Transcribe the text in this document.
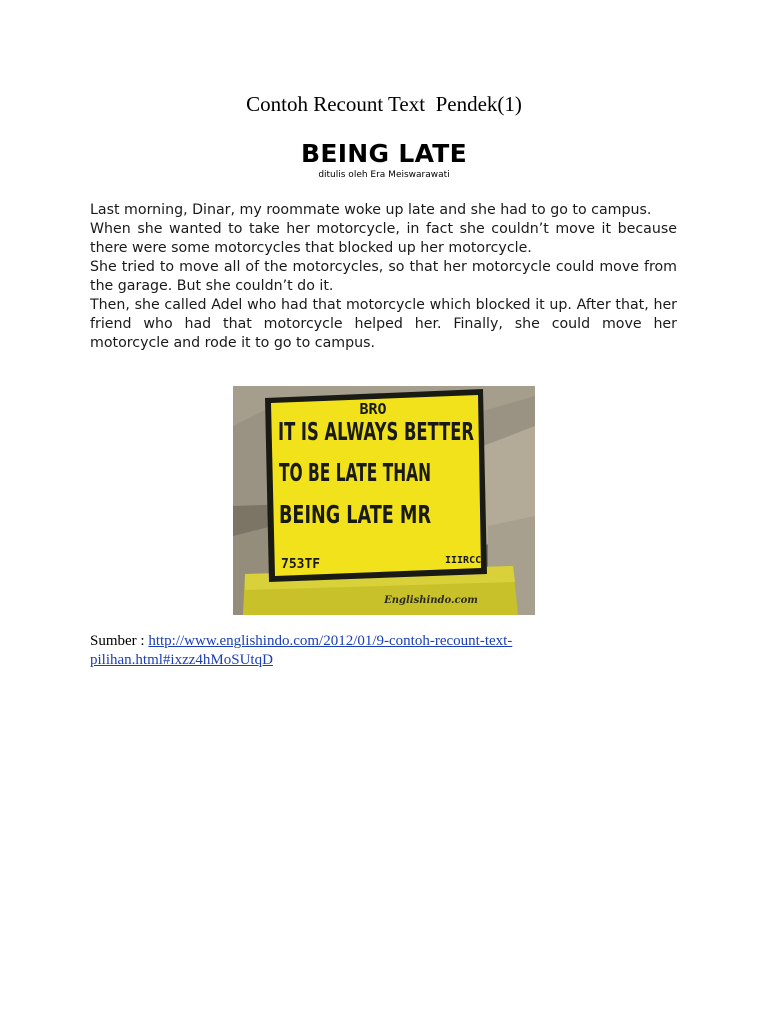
Contoh Recount Text  Pendek(1)
BEING LATE
ditulis oleh Era Meiswarawati

Last morning, Dinar, my roommate woke up late and she had to go to campus.

When she wanted to take her motorcycle, in fact she couldn’t move it because there were some motorcycles that blocked up her motorcycle.

She tried to move all of the motorcycles, so that her motorcycle could move from the garage. But she couldn’t do it.

Then, she called Adel who had that motorcycle which blocked it up. After that, her friend who had that motorcycle helped her. Finally, she could move her motorcycle and rode it to go to campus.

BRO
IT IS ALWAYS BETTER
TO BE LATE THAN
BEING LATE MR
753TF	IIIRCC
Englishindo.com
Sumber : http://www.englishindo.com/2012/01/9-contoh-recount-text-
pilihan.html#ixzz4hMoSUtqD
